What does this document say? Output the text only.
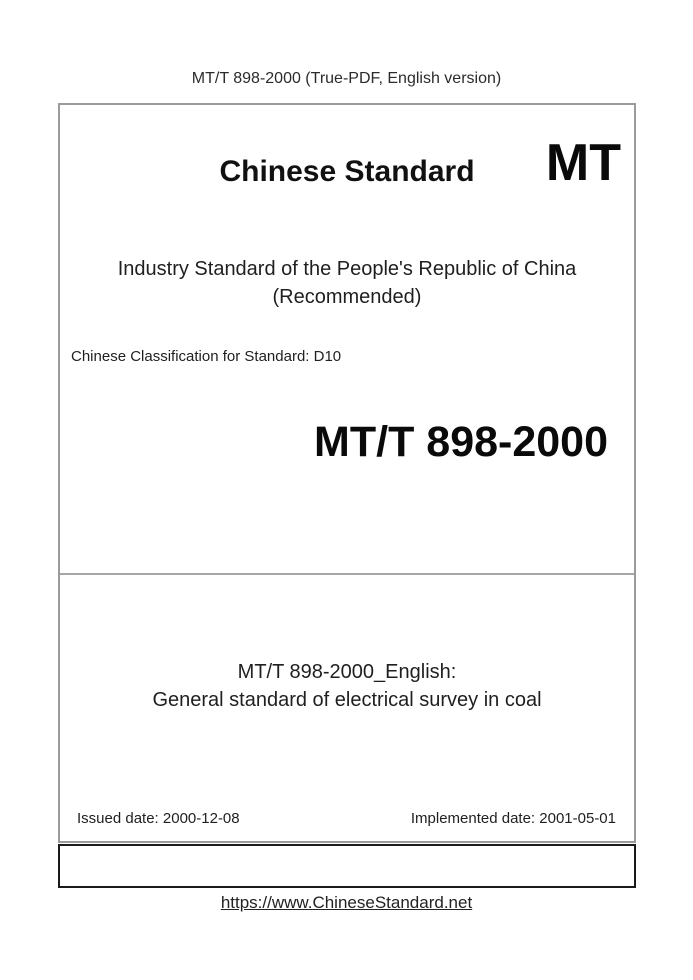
MT/T 898-2000 (True-PDF, English version)
Chinese Standard	MT
Industry Standard of the People's Republic of China
(Recommended)
Chinese Classification for Standard: D10
MT/T 898-2000
MT/T 898-2000_English:
General standard of electrical survey in coal
Issued date: 2000-12-08	Implemented date: 2001-05-01
https://www.ChineseStandard.net
